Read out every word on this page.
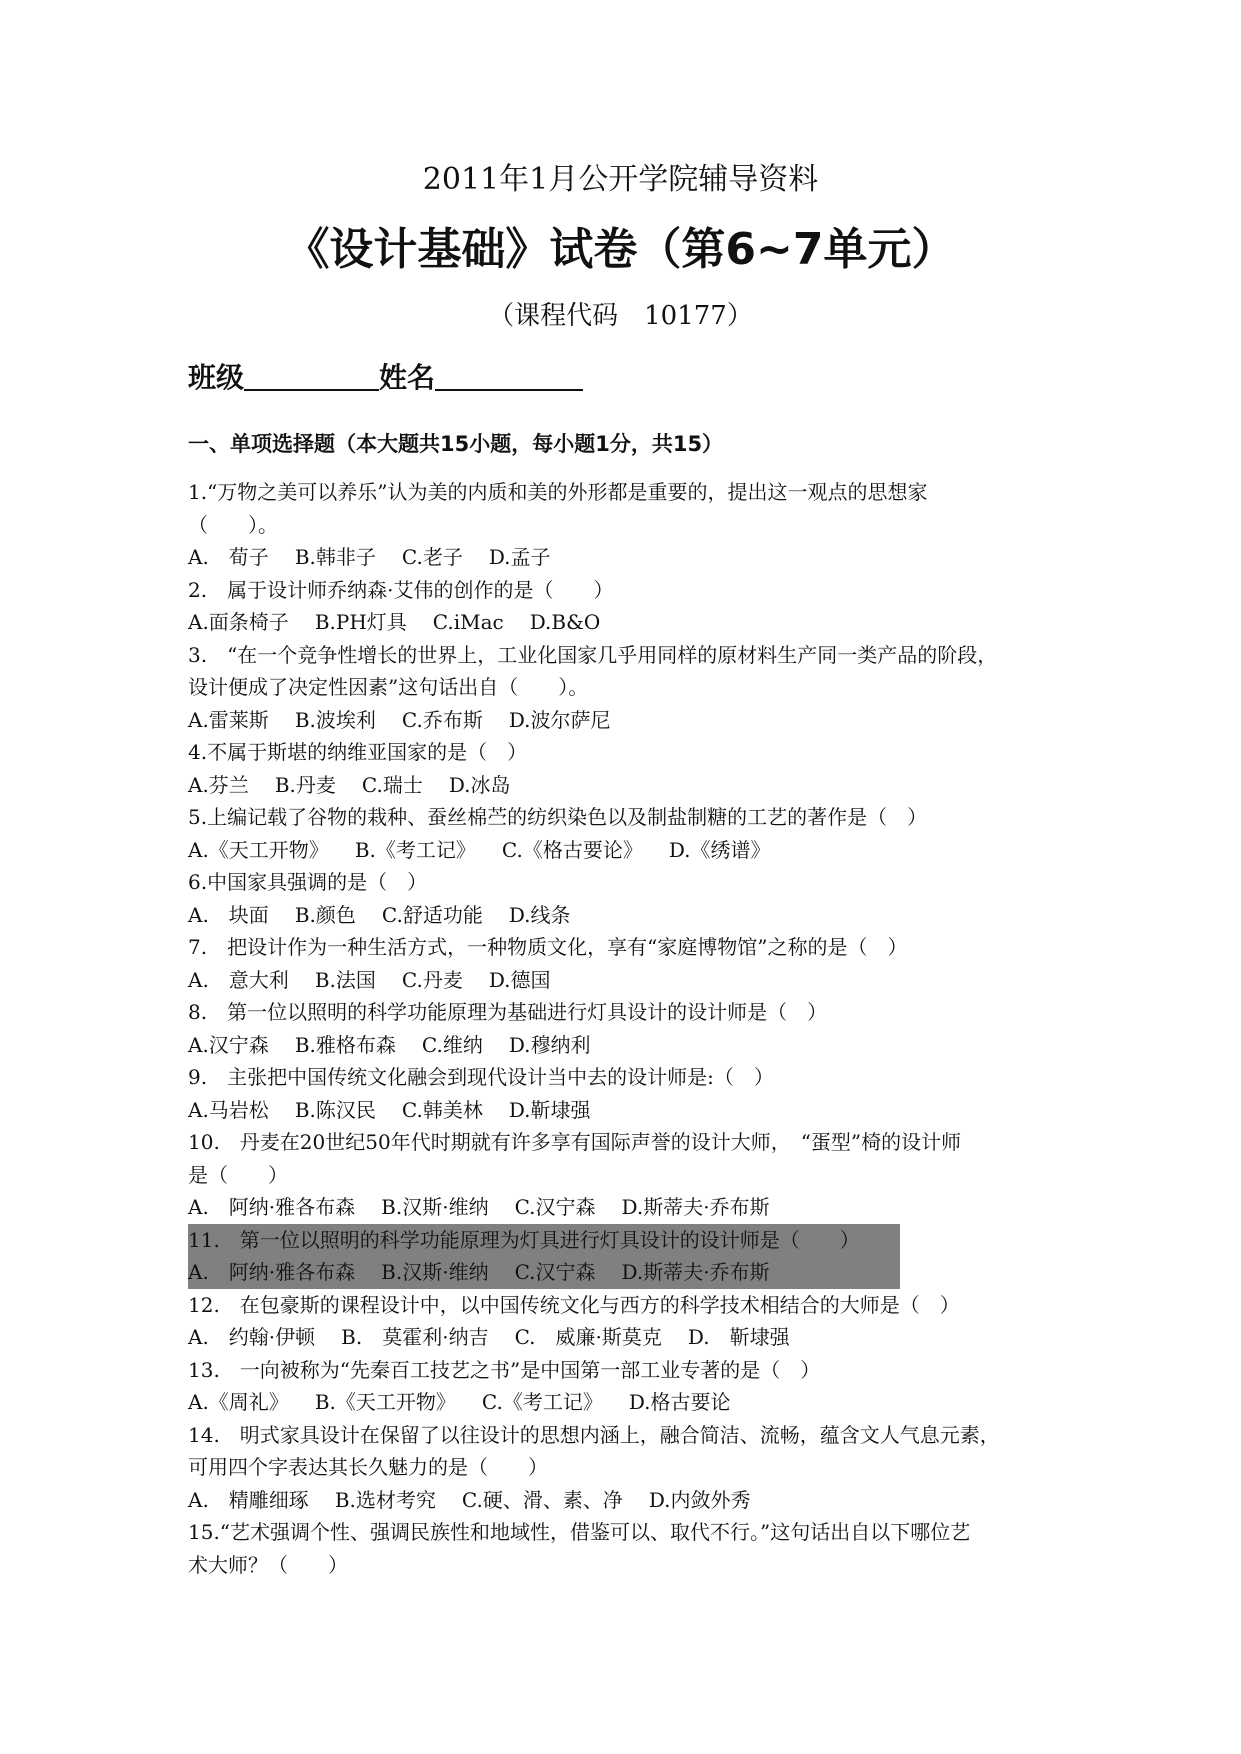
2011年1月公开学院辅导资料
《设计基础》试卷（第6~7单元）
（课程代码　10177）
班级	姓名
一、单项选择题（本大题共15小题，每小题1分，共15）
1.“万物之美可以养乐”认为美的内质和美的外形都是重要的，提出这一观点的思想家
（　　）。
A.　荀子 B.韩非子 C.老子 D.孟子
2.　属于设计师乔纳森·艾伟的创作的是（　　）
A.面条椅子 B.PH灯具 C.iMac D.B&O
3.　“在一个竞争性增长的世界上，工业化国家几乎用同样的原材料生产同一类产品的阶段，
设计便成了决定性因素”这句话出自（　　）。
A.雷莱斯 B.波埃利 C.乔布斯 D.波尔萨尼
4.不属于斯堪的纳维亚国家的是（　）
A.芬兰 B.丹麦 C.瑞士 D.冰岛
5.上编记载了谷物的栽种、蚕丝棉苎的纺织染色以及制盐制糖的工艺的著作是（　）
A.《天工开物》 B.《考工记》 C.《格古要论》 D.《绣谱》
6.中国家具强调的是（　）
A.　块面 B.颜色 C.舒适功能 D.线条
7.　把设计作为一种生活方式，一种物质文化，享有“家庭博物馆”之称的是（　）
A.　意大利 B.法国 C.丹麦 D.德国
8.　第一位以照明的科学功能原理为基础进行灯具设计的设计师是（　）
A.汉宁森 B.雅格布森 C.维纳 D.穆纳利
9.　主张把中国传统文化融会到现代设计当中去的设计师是:（　）
A.马岩松 B.陈汉民 C.韩美林 D.靳埭强
10.　丹麦在20世纪50年代时期就有许多享有国际声誉的设计大师，　“蛋型”椅的设计师
是（　　）
A.　阿纳·雅各布森 B.汉斯·维纳 C.汉宁森 D.斯蒂夫·乔布斯
11.　第一位以照明的科学功能原理为灯具进行灯具设计的设计师是（　　）
A.　阿纳·雅各布森 B.汉斯·维纳 C.汉宁森 D.斯蒂夫·乔布斯
12.　在包豪斯的课程设计中，以中国传统文化与西方的科学技术相结合的大师是（　）
A.　约翰·伊顿 B.　莫霍利·纳吉 C.　威廉·斯莫克 D.　靳埭强
13.　一向被称为“先秦百工技艺之书”是中国第一部工业专著的是（　）
A.《周礼》 B.《天工开物》 C.《考工记》 D.格古要论
14.　明式家具设计在保留了以往设计的思想内涵上，融合简洁、流畅，蕴含文人气息元素，
可用四个字表达其长久魅力的是（　　）
A.　精雕细琢 B.选材考究 C.硬、滑、素、净 D.内敛外秀
15.“艺术强调个性、强调民族性和地域性，借鉴可以、取代不行。”这句话出自以下哪位艺
术大师？（　　）
